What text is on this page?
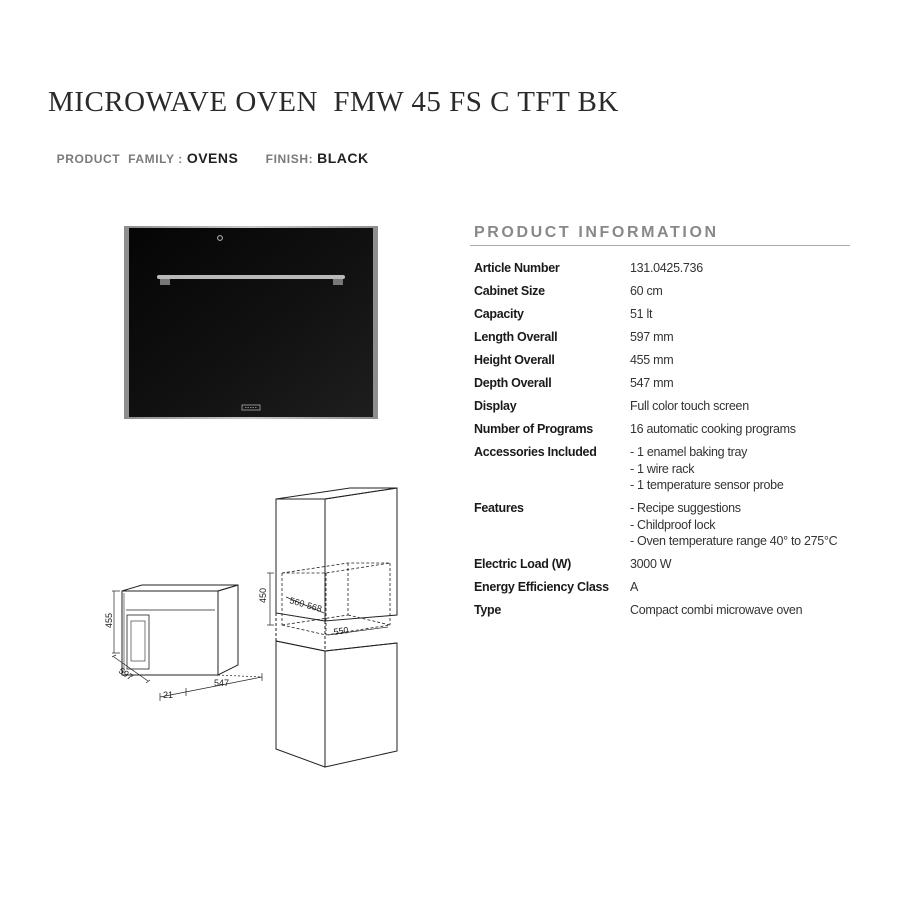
MICROWAVE OVEN  FMW 45 FS C TFT BK

PRODUCT  FAMILY : OVENS	FINISH: BLACK

455
597
21
547
450 560-568
550
PRODUCT INFORMATION
Article Number	131.0425.736
Cabinet Size	60 cm
Capacity	51 lt
Length Overall	597 mm
Height Overall	455 mm
Depth Overall	547 mm
Display	Full color touch screen
Number of Programs	16 automatic cooking programs
Accessories Included	- 1 enamel baking tray
- 1 wire rack
- 1 temperature sensor probe
Features	- Recipe suggestions
- Childproof lock
- Oven temperature range 40° to 275°C
Electric Load (W)	3000 W
Energy Efficiency Class	A
Type	Compact combi microwave oven
